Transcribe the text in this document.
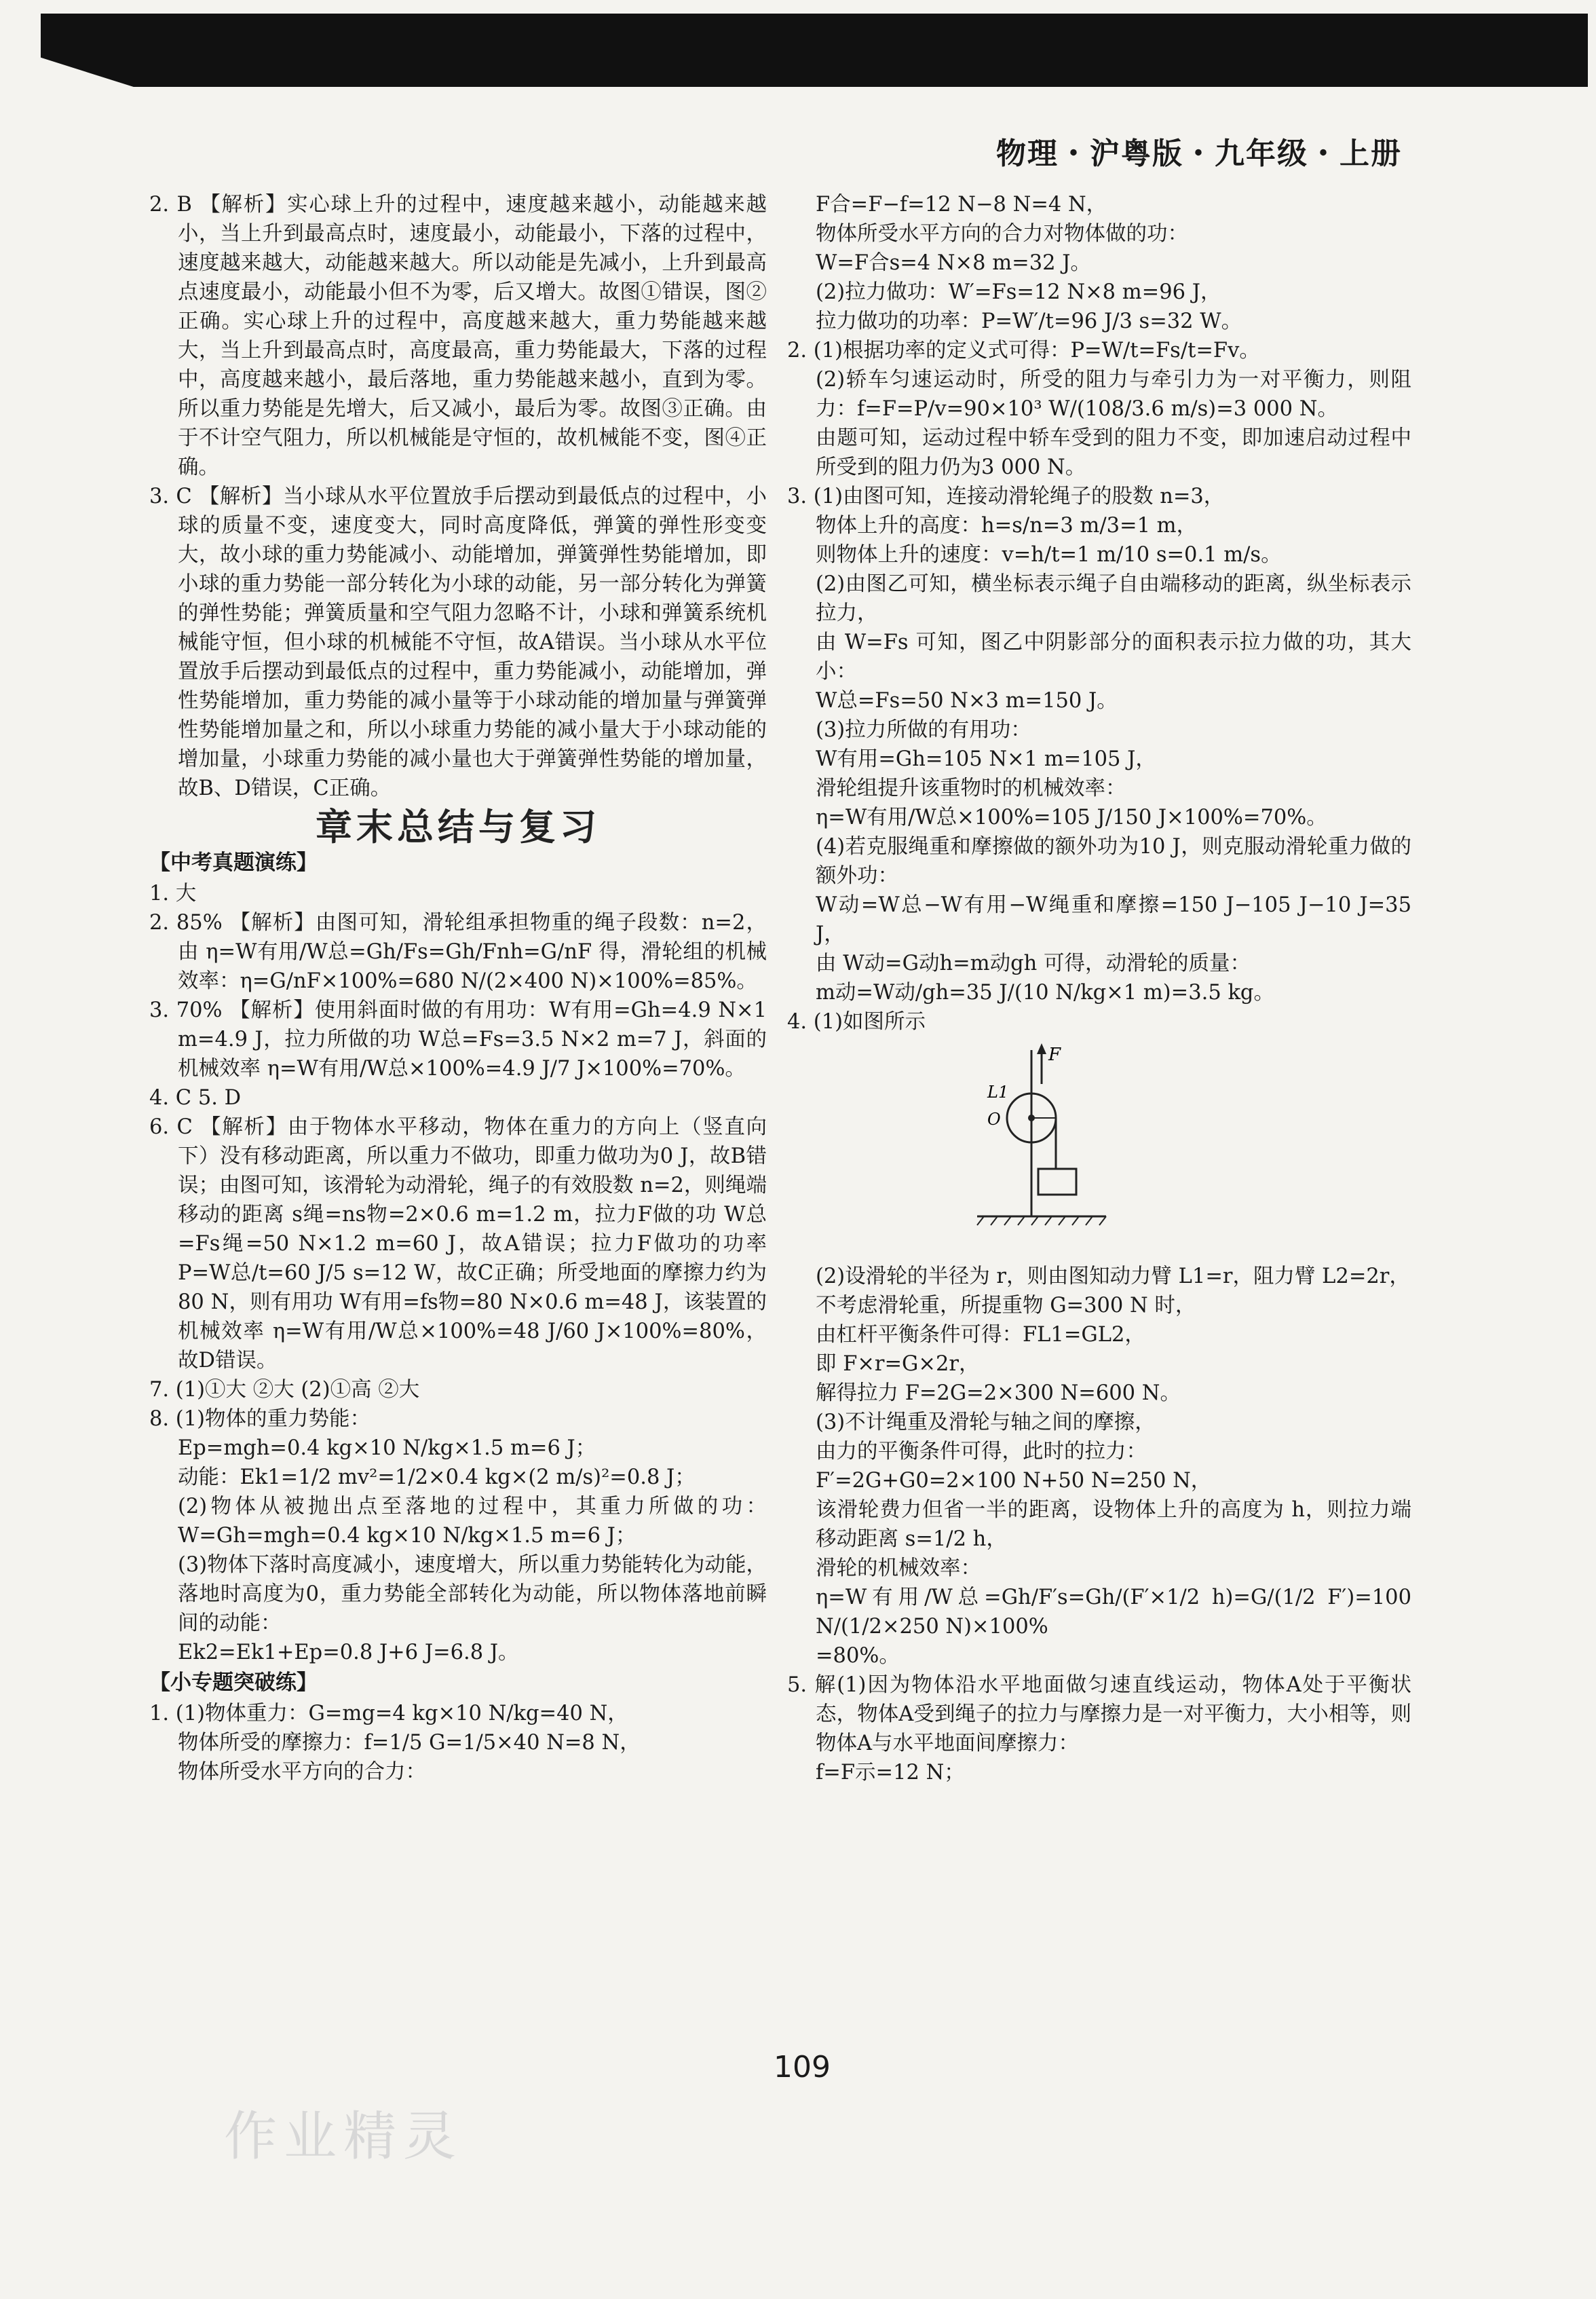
物理・沪粤版・九年级・上册

2. B 【解析】实心球上升的过程中，速度越来越小，动能越来越小，当上升到最高点时，速度最小，动能最小，下落的过程中，速度越来越大，动能越来越大。所以动能是先减小，上升到最高点速度最小，动能最小但不为零，后又增大。故图①错误，图②正确。实心球上升的过程中，高度越来越大，重力势能越来越大，当上升到最高点时，高度最高，重力势能最大，下落的过程中，高度越来越小，最后落地，重力势能越来越小，直到为零。所以重力势能是先增大，后又减小，最后为零。故图③正确。由于不计空气阻力，所以机械能是守恒的，故机械能不变，图④正确。

3. C 【解析】当小球从水平位置放手后摆动到最低点的过程中，小球的质量不变，速度变大，同时高度降低，弹簧的弹性形变变大，故小球的重力势能减小、动能增加，弹簧弹性势能增加，即小球的重力势能一部分转化为小球的动能，另一部分转化为弹簧的弹性势能；弹簧质量和空气阻力忽略不计，小球和弹簧系统机械能守恒，但小球的机械能不守恒，故A错误。当小球从水平位置放手后摆动到最低点的过程中，重力势能减小，动能增加，弹性势能增加，重力势能的减小量等于小球动能的增加量与弹簧弹性势能增加量之和，所以小球重力势能的减小量大于小球动能的增加量，小球重力势能的减小量也大于弹簧弹性势能的增加量，故B、D错误，C正确。

章末总结与复习
【中考真题演练】

1. 大

2. 85% 【解析】由图可知，滑轮组承担物重的绳子段数：n=2，由 η=W有用/W总=Gh/Fs=Gh/Fnh=G/nF 得，滑轮组的机械效率：η=G/nF×100%=680 N/(2×400 N)×100%=85%。

3. 70% 【解析】使用斜面时做的有用功：W有用=Gh=4.9 N×1 m=4.9 J，拉力所做的功 W总=Fs=3.5 N×2 m=7 J，斜面的机械效率 η=W有用/W总×100%=4.9 J/7 J×100%=70%。

4. C 5. D

6. C 【解析】由于物体水平移动，物体在重力的方向上（竖直向下）没有移动距离，所以重力不做功，即重力做功为0 J，故B错误；由图可知，该滑轮为动滑轮，绳子的有效股数 n=2，则绳端移动的距离 s绳=ns物=2×0.6 m=1.2 m，拉力F做的功 W总=Fs绳=50 N×1.2 m=60 J，故A错误；拉力F做功的功率 P=W总/t=60 J/5 s=12 W，故C正确；所受地面的摩擦力约为80 N，则有用功 W有用=fs物=80 N×0.6 m=48 J，该装置的机械效率 η=W有用/W总×100%=48 J/60 J×100%=80%，故D错误。

7. (1)①大 ②大 (2)①高 ②大

8. (1)物体的重力势能：

Ep=mgh=0.4 kg×10 N/kg×1.5 m=6 J；

动能：Ek1=1/2 mv²=1/2×0.4 kg×(2 m/s)²=0.8 J；

(2)物体从被抛出点至落地的过程中，其重力所做的功：W=Gh=mgh=0.4 kg×10 N/kg×1.5 m=6 J；

(3)物体下落时高度减小，速度增大，所以重力势能转化为动能，落地时高度为0，重力势能全部转化为动能，所以物体落地前瞬间的动能：

Ek2=Ek1+Ep=0.8 J+6 J=6.8 J。

【小专题突破练】

1. (1)物体重力：G=mg=4 kg×10 N/kg=40 N，

物体所受的摩擦力：f=1/5 G=1/5×40 N=8 N，

物体所受水平方向的合力：

F合=F−f=12 N−8 N=4 N，

物体所受水平方向的合力对物体做的功：

W=F合s=4 N×8 m=32 J。

(2)拉力做功：W′=Fs=12 N×8 m=96 J，

拉力做功的功率：P=W′/t=96 J/3 s=32 W。

2. (1)根据功率的定义式可得：P=W/t=Fs/t=Fv。

(2)轿车匀速运动时，所受的阻力与牵引力为一对平衡力，则阻力：f=F=P/v=90×10³ W/(108/3.6 m/s)=3 000 N。

由题可知，运动过程中轿车受到的阻力不变，即加速启动过程中所受到的阻力仍为3 000 N。

3. (1)由图可知，连接动滑轮绳子的股数 n=3，

物体上升的高度：h=s/n=3 m/3=1 m，

则物体上升的速度：v=h/t=1 m/10 s=0.1 m/s。

(2)由图乙可知，横坐标表示绳子自由端移动的距离，纵坐标表示拉力，

由 W=Fs 可知，图乙中阴影部分的面积表示拉力做的功，其大小：

W总=Fs=50 N×3 m=150 J。

(3)拉力所做的有用功：

W有用=Gh=105 N×1 m=105 J，

滑轮组提升该重物时的机械效率：

η=W有用/W总×100%=105 J/150 J×100%=70%。

(4)若克服绳重和摩擦做的额外功为10 J，则克服动滑轮重力做的额外功：

W动=W总−W有用−W绳重和摩擦=150 J−105 J−10 J=35 J，

由 W动=G动h=m动gh 可得，动滑轮的质量：

m动=W动/gh=35 J/(10 N/kg×1 m)=3.5 kg。

4. (1)如图所示

F
L1
O

(2)设滑轮的半径为 r，则由图知动力臂 L1=r，阻力臂 L2=2r，

不考虑滑轮重，所提重物 G=300 N 时，

由杠杆平衡条件可得：FL1=GL2，

即 F×r=G×2r，

解得拉力 F=2G=2×300 N=600 N。

(3)不计绳重及滑轮与轴之间的摩擦，

由力的平衡条件可得，此时的拉力：

F′=2G+G0=2×100 N+50 N=250 N，

该滑轮费力但省一半的距离，设物体上升的高度为 h，则拉力端移动距离 s=1/2 h，

滑轮的机械效率：

η=W有用/W总=Gh/F′s=Gh/(F′×1/2 h)=G/(1/2 F′)=100 N/(1/2×250 N)×100%

=80%。

5. 解(1)因为物体沿水平地面做匀速直线运动，物体A处于平衡状态，物体A受到绳子的拉力与摩擦力是一对平衡力，大小相等，则物体A与水平地面间摩擦力：

f=F示=12 N；

109
作业精灵
